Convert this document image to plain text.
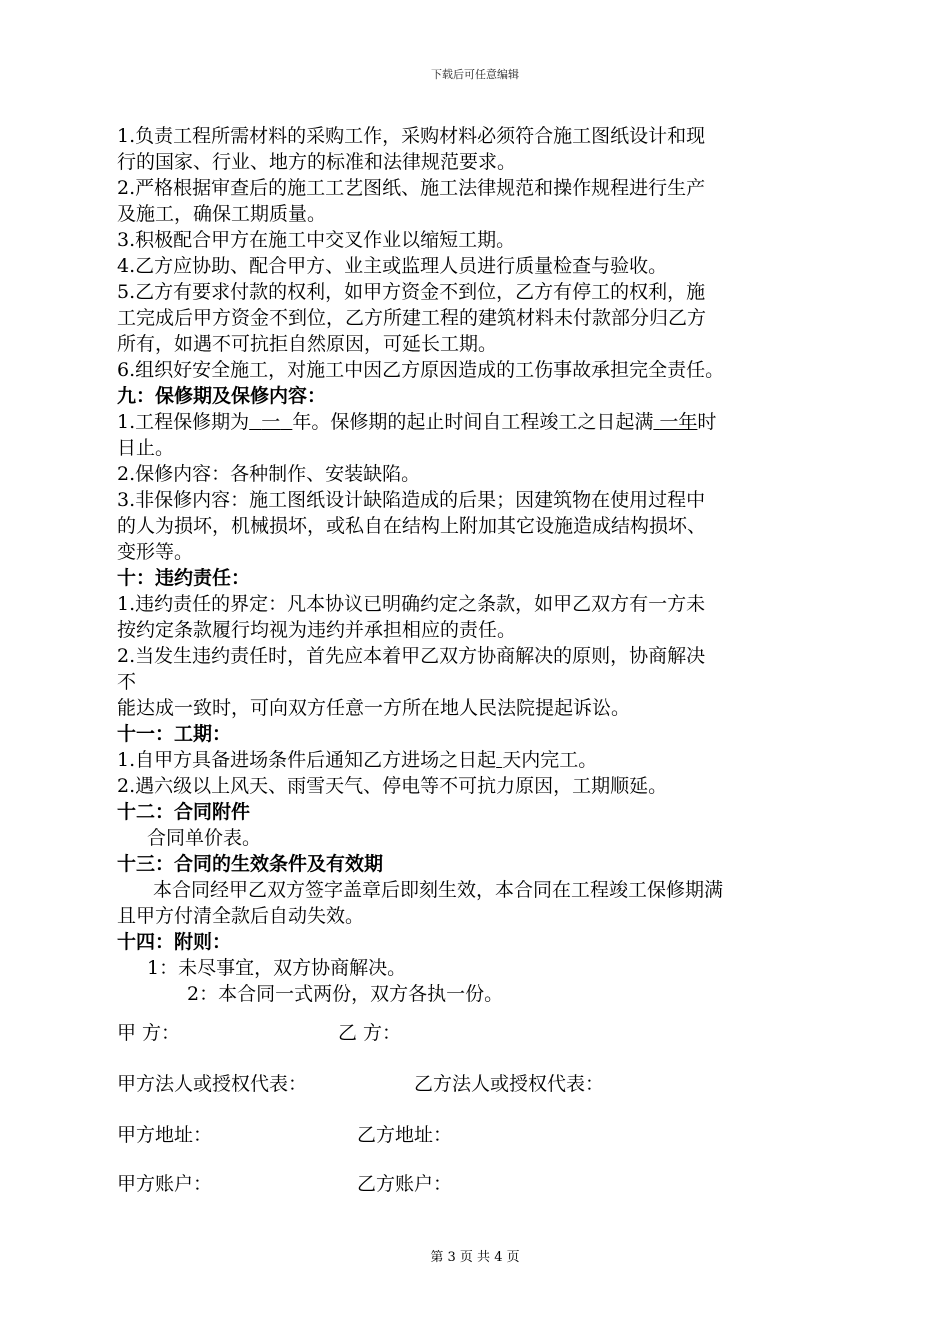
下载后可任意编辑
1.负责工程所需材料的采购工作，采购材料必须符合施工图纸设计和现
行的国家、行业、地方的标准和法律规范要求。
2.严格根据审查后的施工工艺图纸、施工法律规范和操作规程进行生产
及施工，确保工期质量。
3.积极配合甲方在施工中交叉作业以缩短工期。
4.乙方应协助、配合甲方、业主或监理人员进行质量检查与验收。
5.乙方有要求付款的权利，如甲方资金不到位，乙方有停工的权利，施
工完成后甲方资金不到位，乙方所建工程的建筑材料未付款部分归乙方
所有，如遇不可抗拒自然原因，可延长工期。
6.组织好安全施工，对施工中因乙方原因造成的工伤事故承担完全责任。
九：保修期及保修内容：
1.工程保修期为 一 年。保修期的起止时间自工程竣工之日起满 一年时
日止。
2.保修内容：各种制作、安装缺陷。
3.非保修内容：施工图纸设计缺陷造成的后果；因建筑物在使用过程中
的人为损坏，机械损坏，或私自在结构上附加其它设施造成结构损坏、
变形等。
十：违约责任：
1.违约责任的界定：凡本协议已明确约定之条款，如甲乙双方有一方未
按约定条款履行均视为违约并承担相应的责任。
2.当发生违约责任时，首先应本着甲乙双方协商解决的原则，协商解决
不
能达成一致时，可向双方任意一方所在地人民法院提起诉讼。
十一：工期：
1.自甲方具备进场条件后通知乙方进场之日起 天内完工。
2.遇六级以上风天、雨雪天气、停电等不可抗力原因，工期顺延。
十二：合同附件
合同单价表。
十三：合同的生效条件及有效期
本合同经甲乙双方签字盖章后即刻生效，本合同在工程竣工保修期满
且甲方付清全款后自动失效。
十四：附则：
1：未尽事宜，双方协商解决。
2：本合同一式两份，双方各执一份。
甲 方：	乙 方：
甲方法人或授权代表：	乙方法人或授权代表：
甲方地址：	乙方地址：
甲方账户：	乙方账户：
第 3 页 共 4 页
